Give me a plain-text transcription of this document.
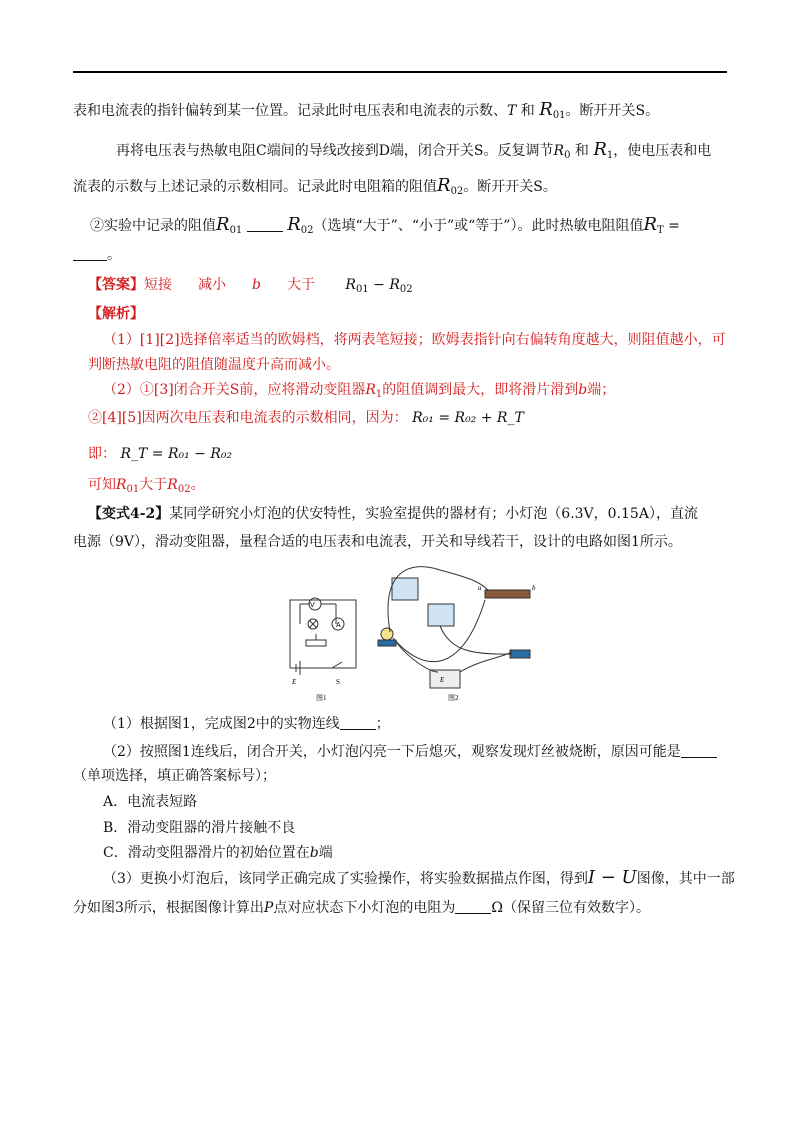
表和电流表的指针偏转到某一位置。记录此时电压表和电流表的示数、T 和 $R_{01}$。断开开关S。
再将电压表与热敏电阻C端间的导线改接到D端，闭合开关S。反复调节$R_0$ 和 $R_1$，使电压表和电
流表的示数与上述记录的示数相同。记录此时电阻箱的阻值$R_{02}$。断开开关S。
②实验中记录的阻值$R_{01}$ $R_{02}$（选填“大于”、“小于”或“等于”）。此时热敏电阻阻值$R_T$ =
。
【答案】短接 减小 b 大于 $R_{01} - R_{02}$
【解析】
（1）[1][2]选择倍率适当的欧姆档，将两表笔短接；欧姆表指针向右偏转角度越大，则阻值越小，可
判断热敏电阻的阻值随温度升高而减小。
（2）①[3]闭合开关S前，应将滑动变阻器$R_1$的阻值调到最大，即将滑片滑到b端；
②[4][5]因两次电压表和电流表的示数相同，因为： R₀₁ = R₀₂ + R_T
即： R_T = R₀₁ − R₀₂
可知$R_{01}$大于$R_{02}$。
【变式4-2】某同学研究小灯泡的伏安特性，实验室提供的器材有；小灯泡（6.3V，0.15A），直流
电源（9V），滑动变阻器，量程合适的电压表和电流表，开关和导线若干，设计的电路如图1所示。
V
A
E	S
图1
a	b
E
图2
（1）根据图1，完成图2中的实物连线	；
（2）按照图1连线后，闭合开关，小灯泡闪亮一下后熄灭，观察发现灯丝被烧断，原因可能是
（单项选择，填正确答案标号）；
A．电流表短路
B．滑动变阻器的滑片接触不良
C．滑动变阻器滑片的初始位置在b端
（3）更换小灯泡后，该同学正确完成了实验操作，将实验数据描点作图，得到I − U图像，其中一部
分如图3所示，根据图像计算出P点对应状态下小灯泡的电阻为	Ω（保留三位有效数字）。
